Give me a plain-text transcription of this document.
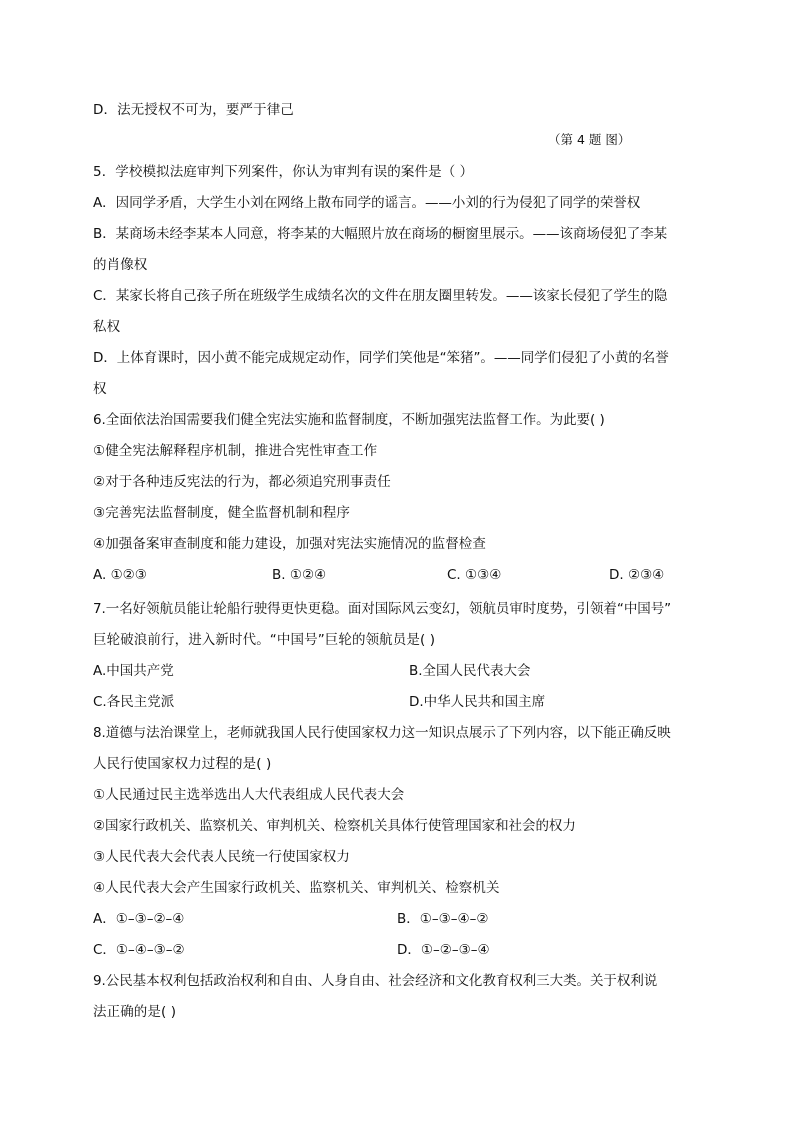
D．法无授权不可为，要严于律己
（第 4 题 图）
5．学校模拟法庭审判下列案件，你认为审判有误的案件是（ ）
A．因同学矛盾，大学生小刘在网络上散布同学的谣言。——小刘的行为侵犯了同学的荣誉权
B．某商场未经李某本人同意，将李某的大幅照片放在商场的橱窗里展示。——该商场侵犯了李某
的肖像权
C．某家长将自己孩子所在班级学生成绩名次的文件在朋友圈里转发。——该家长侵犯了学生的隐
私权
D．上体育课时，因小黄不能完成规定动作，同学们笑他是“笨猪”。——同学们侵犯了小黄的名誉
权
6.全面依法治国需要我们健全宪法实施和监督制度，不断加强宪法监督工作。为此要( )
①健全宪法解释程序机制，推进合宪性审查工作
②对于各种违反宪法的行为，都必须追究刑事责任
③完善宪法监督制度，健全监督机制和程序
④加强备案审查制度和能力建设，加强对宪法实施情况的监督检查
A. ①②③	B. ①②④	C. ①③④	D. ②③④
7.一名好领航员能让轮船行驶得更快更稳。面对国际风云变幻，领航员审时度势，引领着“中国号”
巨轮破浪前行，进入新时代。“中国号”巨轮的领航员是( )
A.中国共产党	B.全国人民代表大会
C.各民主党派	D.中华人民共和国主席
8.道德与法治课堂上，老师就我国人民行使国家权力这一知识点展示了下列内容，以下能正确反映
人民行使国家权力过程的是( )
①人民通过民主选举选出人大代表组成人民代表大会
②国家行政机关、监察机关、审判机关、检察机关具体行使管理国家和社会的权力
③人民代表大会代表人民统一行使国家权力
④人民代表大会产生国家行政机关、监察机关、审判机关、检察机关
A．①–③–②–④	B．①–③–④–②
C．①–④–③–②	D．①–②–③–④
9.公民基本权利包括政治权利和自由、人身自由、社会经济和文化教育权利三大类。关于权利说
法正确的是( )
